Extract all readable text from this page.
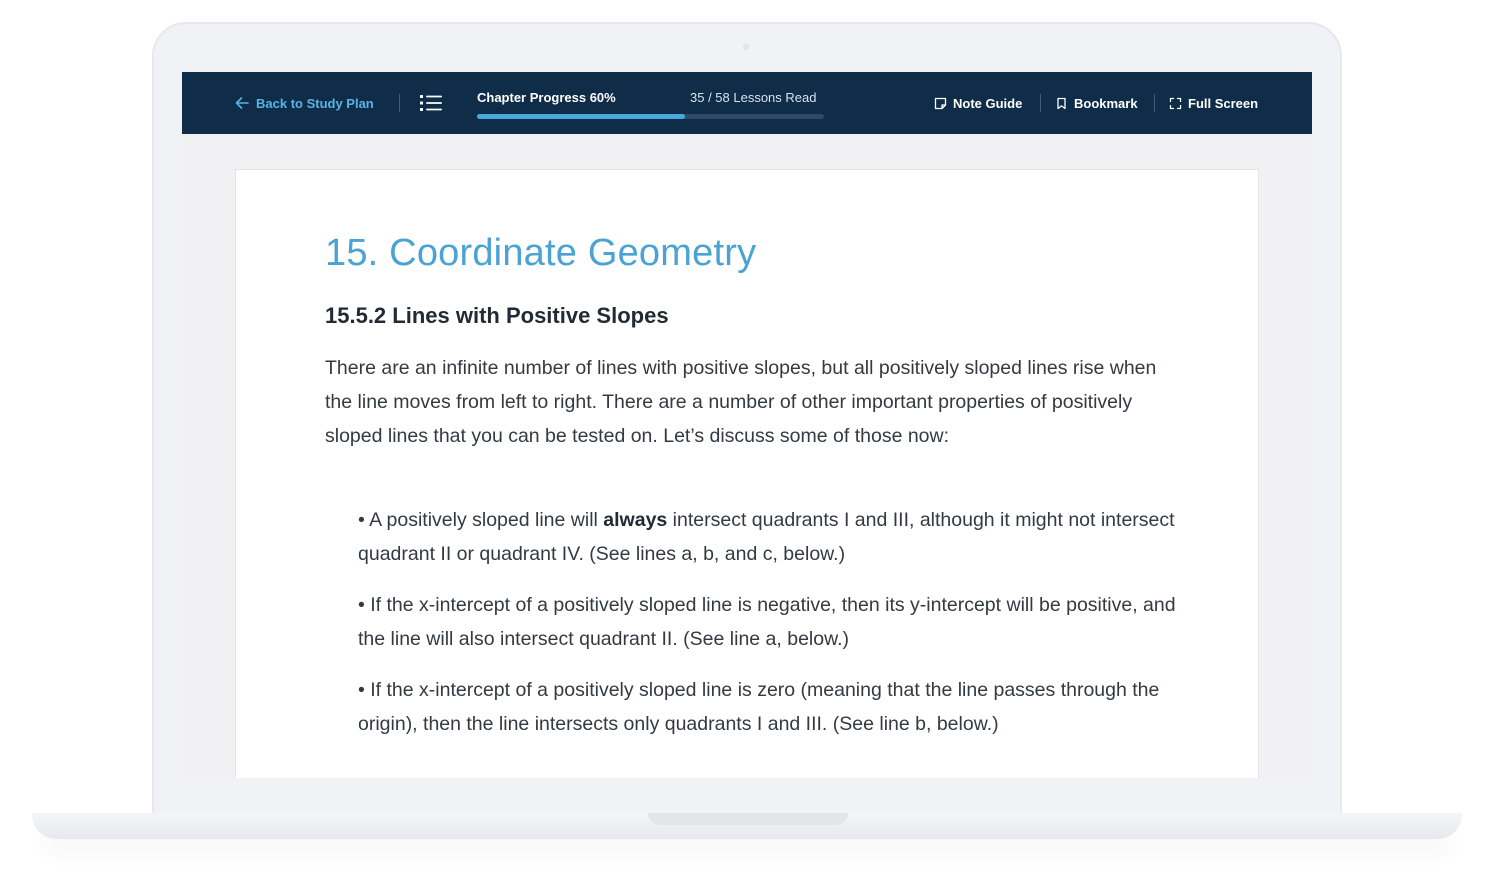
Back to Study Plan	Chapter Progress 60%	35 / 58 Lessons Read	Note Guide	Bookmark	Full Screen
15. Coordinate Geometry
15.5.2 Lines with Positive Slopes

There are an infinite number of lines with positive slopes, but all positively sloped lines rise when the line moves from left to right. There are a number of other important properties of positively sloped lines that you can be tested on. Let’s discuss some of those now:

• A positively sloped line will always intersect quadrants I and III, although it might not intersect quadrant II or quadrant IV. (See lines a, b, and c, below.)

• If the x-intercept of a positively sloped line is negative, then its y-intercept will be positive, and the line will also intersect quadrant II. (See line a, below.)

• If the x-intercept of a positively sloped line is zero (meaning that the line passes through the origin), then the line intersects only quadrants I and III. (See line b, below.)
